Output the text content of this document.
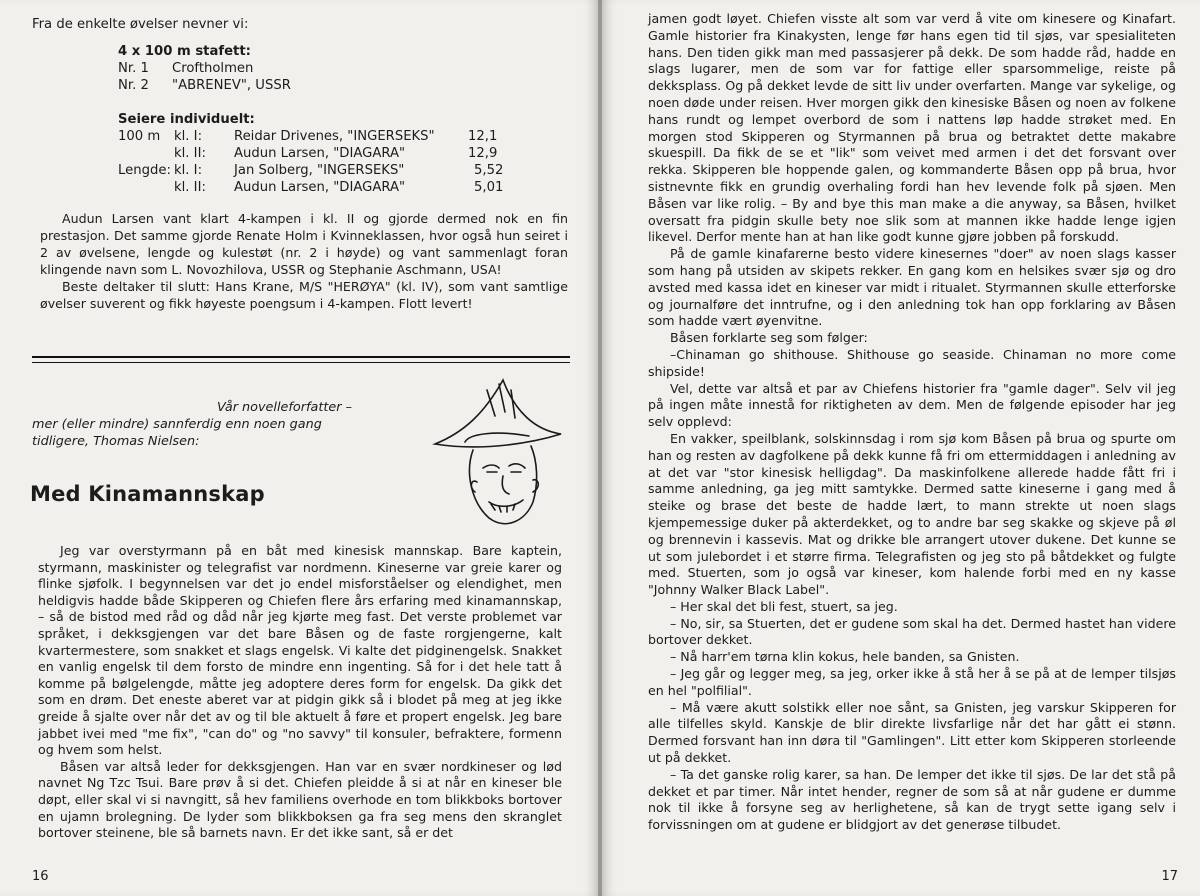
Fra de enkelte øvelser nevner vi:
4 x 100 m stafett:
Nr. 1 Croftholmen
Nr. 2 "ABRENEV", USSR
Seiere individuelt:
100 m kl. I: Reidar Drivenes, "INGERSEKS"	12,1
kl. II: Audun Larsen, "DIAGARA"	12,9
Lengde: kl. I: Jan Solberg, "INGERSEKS"	5,52
kl. II: Audun Larsen, "DIAGARA"	5,01

Audun Larsen vant klart 4-kampen i kl. II og gjorde dermed nok en fin prestasjon. Det samme gjorde Renate Holm i Kvinneklassen, hvor også hun seiret i 2 av øvelsene, lengde og kulestøt (nr. 2 i høyde) og vant sammenlagt foran klingende navn som L. Novozhilova, USSR og Stephanie Aschmann, USA!

Beste deltaker til slutt: Hans Krane, M/S "HERØYA" (kl. IV), som vant samtlige øvelser suverent og fikk høyeste poengsum i 4-kampen. Flott levert!

Vår novelleforfatter –
mer (eller mindre) sannferdig enn noen gang
tidligere, Thomas Nielsen:
Med Kinamannskap

Jeg var overstyrmann på en båt med kinesisk mannskap. Bare kaptein, styrmann, maskinister og telegrafist var nordmenn. Kineserne var greie karer og flinke sjøfolk. I begynnelsen var det jo endel misforståelser og elendighet, men heldigvis hadde både Skipperen og Chiefen flere års erfaring med kinamannskap, – så de bistod med råd og dåd når jeg kjørte meg fast. Det verste problemet var språket, i dekksgjengen var det bare Båsen og de faste rorgjengerne, kalt kvartermestere, som snakket et slags engelsk. Vi kalte det pidginengelsk. Snakket en vanlig engelsk til dem forsto de mindre enn ingenting. Så for i det hele tatt å komme på bølgelengde, måtte jeg adoptere deres form for engelsk. Da gikk det som en drøm. Det eneste aberet var at pidgin gikk så i blodet på meg at jeg ikke greide å sjalte over når det av og til ble aktuelt å føre et propert engelsk. Jeg bare jabbet ivei med "me fix", "can do" og "no savvy" til konsuler, befraktere, formenn og hvem som helst.

Båsen var altså leder for dekksgjengen. Han var en svær nordkineser og lød navnet Ng Tzc Tsui. Bare prøv å si det. Chiefen pleidde å si at når en kineser ble døpt, eller skal vi si navngitt, så hev familiens overhode en tom blikkboks bortover en ujamn brolegning. De lyder som blikkboksen ga fra seg mens den skranglet bortover steinene, ble så barnets navn. Er det ikke sant, så er det

16

jamen godt løyet. Chiefen visste alt som var verd å vite om kinesere og Kinafart. Gamle historier fra Kinakysten, lenge før hans egen tid til sjøs, var spesialiteten hans. Den tiden gikk man med passasjerer på dekk. De som hadde råd, hadde en slags lugarer, men de som var for fattige eller sparsommelige, reiste på dekksplass. Og på dekket levde de sitt liv under overfarten. Mange var sykelige, og noen døde under reisen. Hver morgen gikk den kinesiske Båsen og noen av folkene hans rundt og lempet overbord de som i nattens løp hadde strøket med. En morgen stod Skipperen og Styrmannen på brua og betraktet dette makabre skuespill. Da fikk de se et "lik" som veivet med armen i det det forsvant over rekka. Skipperen ble hoppende galen, og kommanderte Båsen opp på brua, hvor sistnevnte fikk en grundig overhaling fordi han hev levende folk på sjøen. Men Båsen var like rolig. – By and bye this man make a die anyway, sa Båsen, hvilket oversatt fra pidgin skulle bety noe slik som at mannen ikke hadde lenge igjen likevel. Derfor mente han at han like godt kunne gjøre jobben på forskudd.

På de gamle kinafarerne besto videre kinesernes "doer" av noen slags kasser som hang på utsiden av skipets rekker. En gang kom en helsikes svær sjø og dro avsted med kassa idet en kineser var midt i ritualet. Styrmannen skulle etterforske og journalføre det inntrufne, og i den anledning tok han opp forklaring av Båsen som hadde vært øyenvitne.

Båsen forklarte seg som følger:

–Chinaman go shithouse. Shithouse go seaside. Chinaman no more come shipside!

Vel, dette var altså et par av Chiefens historier fra "gamle dager". Selv vil jeg på ingen måte innestå for riktigheten av dem. Men de følgende episoder har jeg selv opplevd:

En vakker, speilblank, solskinnsdag i rom sjø kom Båsen på brua og spurte om han og resten av dagfolkene på dekk kunne få fri om ettermiddagen i anledning av at det var "stor kinesisk helligdag". Da maskinfolkene allerede hadde fått fri i samme anledning, ga jeg mitt samtykke. Dermed satte kineserne i gang med å steike og brase det beste de hadde lært, to mann strekte ut noen slags kjempemessige duker på akterdekket, og to andre bar seg skakke og skjeve på øl og brennevin i kassevis. Mat og drikke ble arrangert utover dukene. Det kunne se ut som julebordet i et større firma. Telegrafisten og jeg sto på båtdekket og fulgte med. Stuerten, som jo også var kineser, kom halende forbi med en ny kasse "Johnny Walker Black Label".

– Her skal det bli fest, stuert, sa jeg.

– No, sir, sa Stuerten, det er gudene som skal ha det. Dermed hastet han videre bortover dekket.

– Nå harr'em tørna klin kokus, hele banden, sa Gnisten.

– Jeg går og legger meg, sa jeg, orker ikke å stå her å se på at de lemper tilsjøs en hel "polfilial".

– Må være akutt solstikk eller noe sånt, sa Gnisten, jeg varskur Skipperen for alle tilfelles skyld. Kanskje de blir direkte livsfarlige når det har gått ei stønn. Dermed forsvant han inn døra til "Gamlingen". Litt etter kom Skipperen storleende ut på dekket.

– Ta det ganske rolig karer, sa han. De lemper det ikke til sjøs. De lar det stå på dekket et par timer. Når intet hender, regner de som så at når gudene er dumme nok til ikke å forsyne seg av herlighetene, så kan de trygt sette igang selv i forvissningen om at gudene er blidgjort av det generøse tilbudet.

17
